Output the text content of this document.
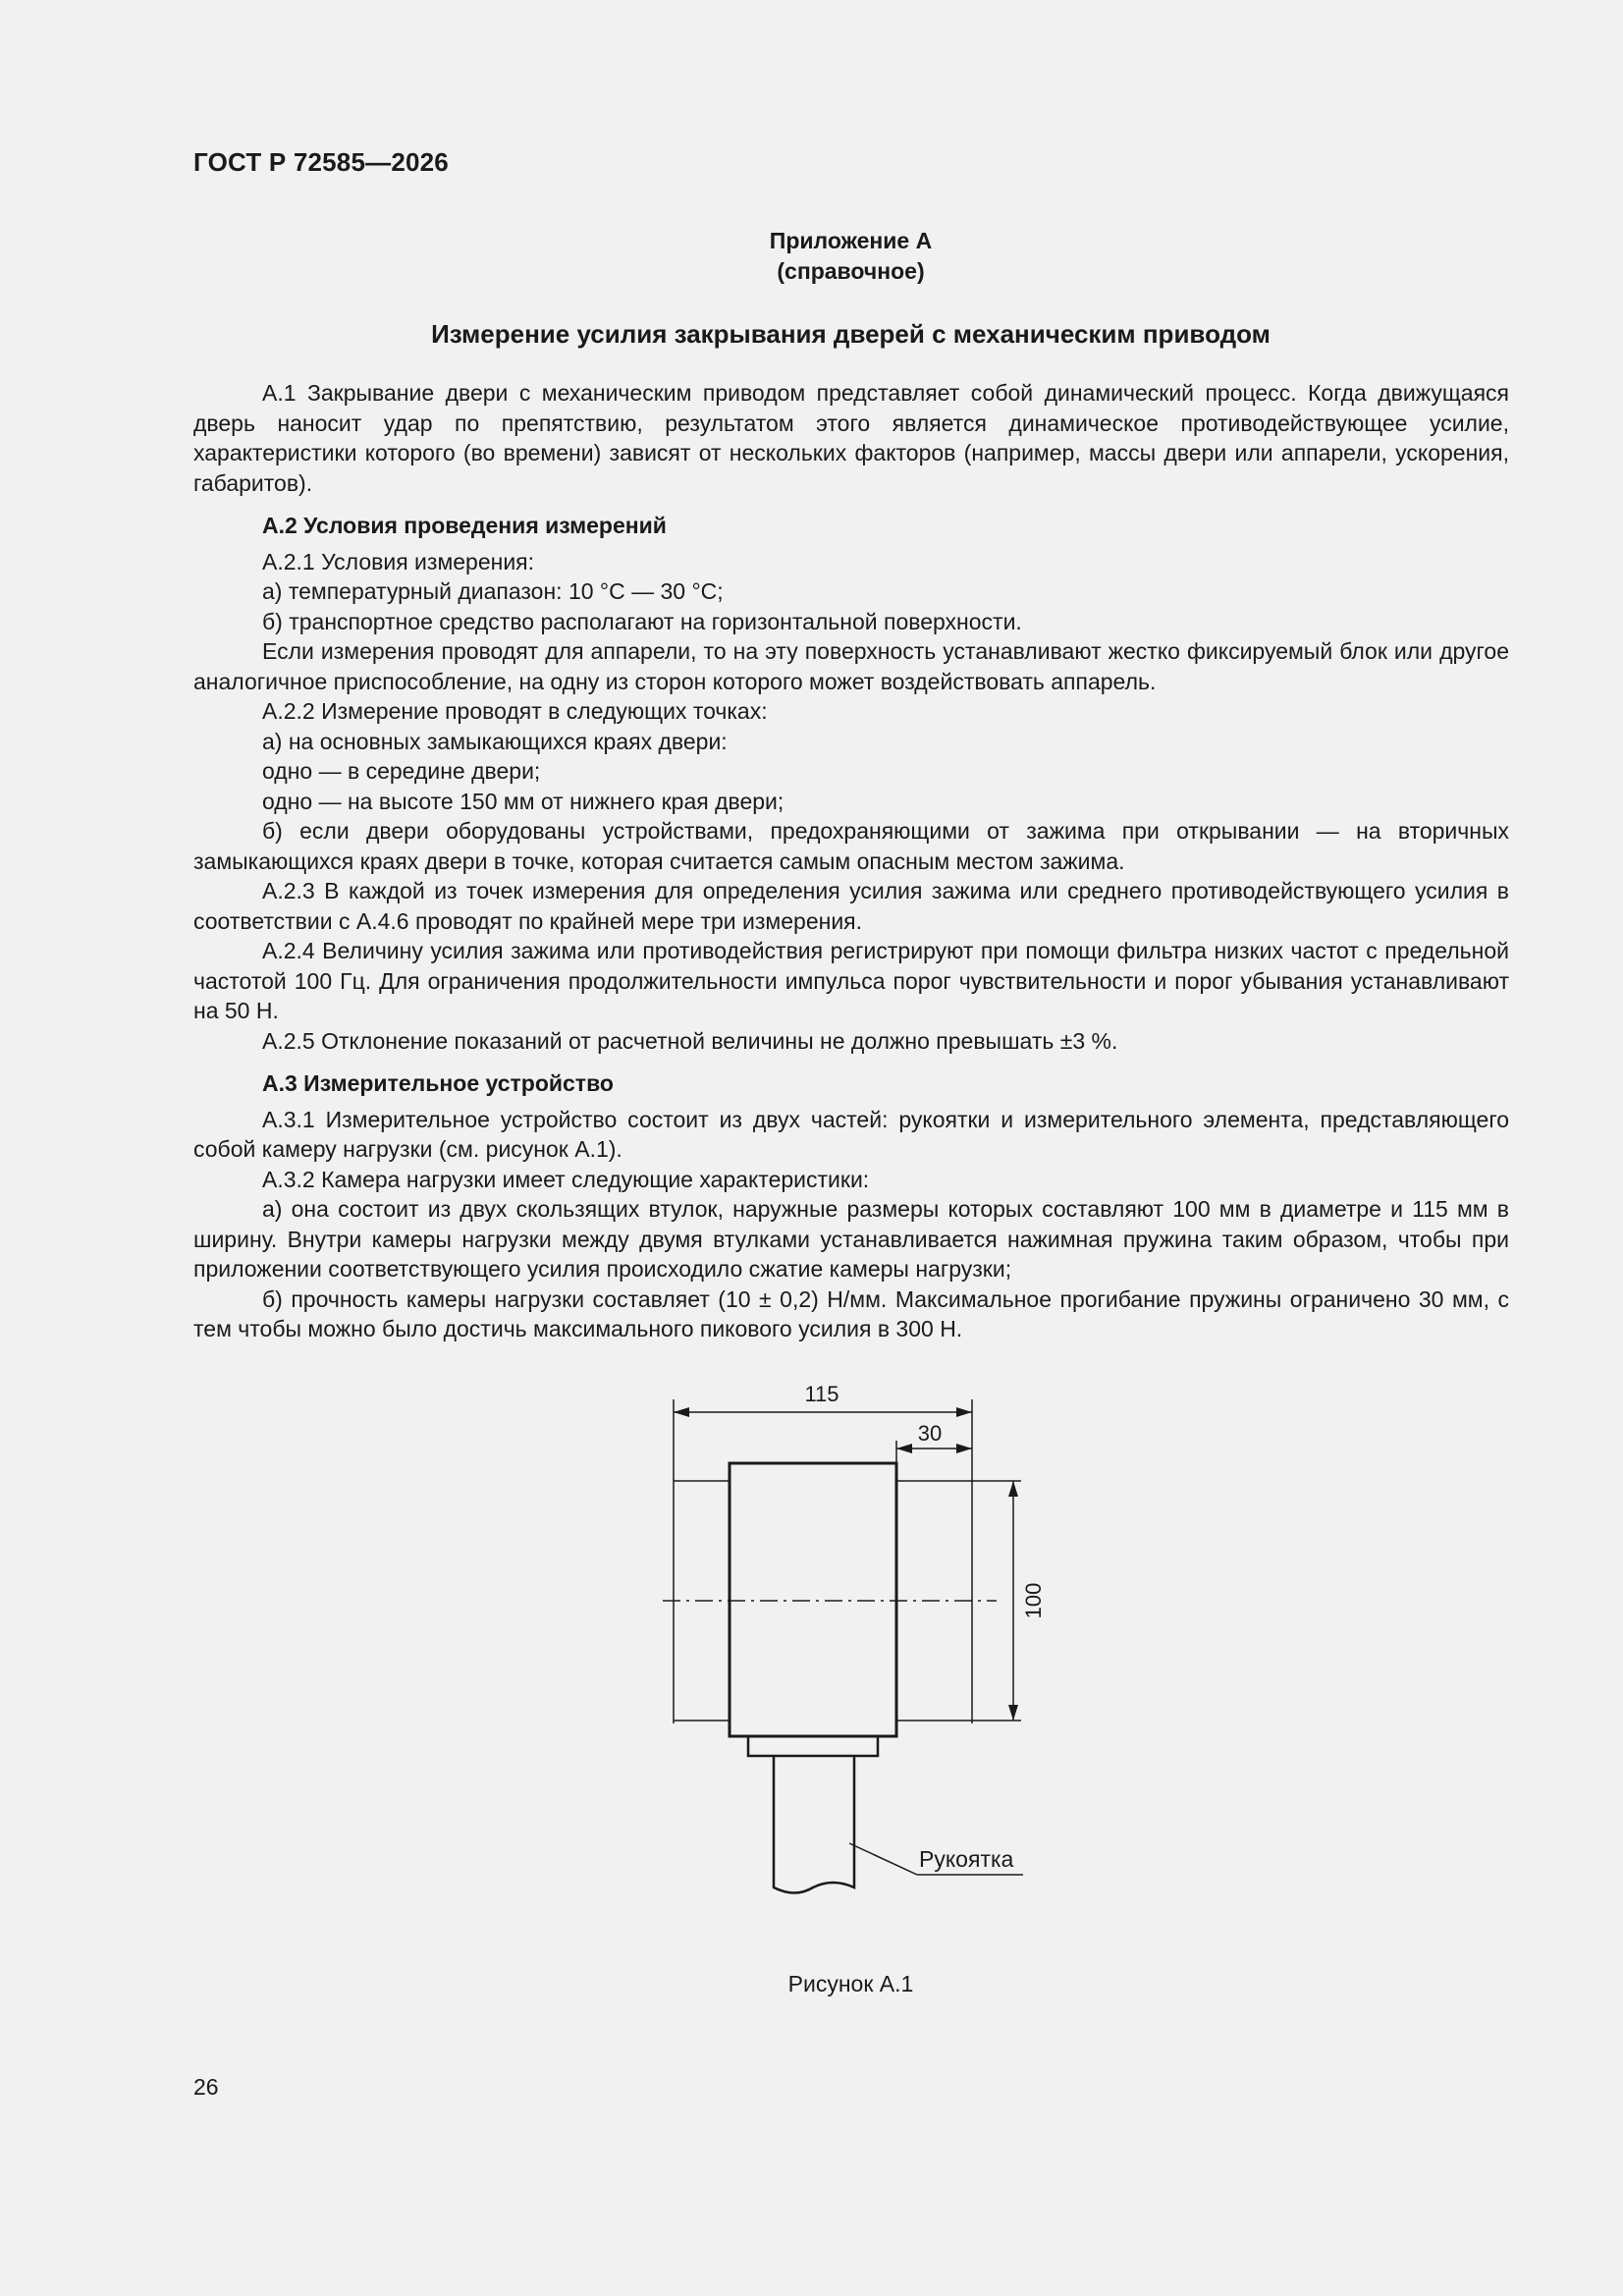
ГОСТ Р 72585—2026
Приложение А
(справочное)
Измерение усилия закрывания дверей с механическим приводом

А.1 Закрывание двери с механическим приводом представляет собой динамический процесс. Когда движущаяся дверь наносит удар по препятствию, результатом этого является динамическое противодействующее усилие, характеристики которого (во времени) зависят от нескольких факторов (например, массы двери или аппарели, ускорения, габаритов).

А.2 Условия проведения измерений

А.2.1 Условия измерения:

а) температурный диапазон: 10 °С — 30 °С;

б) транспортное средство располагают на горизонтальной поверхности.

Если измерения проводят для аппарели, то на эту поверхность устанавливают жестко фиксируемый блок или другое аналогичное приспособление, на одну из сторон которого может воздействовать аппарель.

А.2.2 Измерение проводят в следующих точках:

а) на основных замыкающихся краях двери:

одно — в середине двери;

одно — на высоте 150 мм от нижнего края двери;

б) если двери оборудованы устройствами, предохраняющими от зажима при открывании — на вторичных замыкающихся краях двери в точке, которая считается самым опасным местом зажима.

А.2.3 В каждой из точек измерения для определения усилия зажима или среднего противодействующего усилия в соответствии с А.4.6 проводят по крайней мере три измерения.

А.2.4 Величину усилия зажима или противодействия регистрируют при помощи фильтра низких частот с предельной частотой 100 Гц. Для ограничения продолжительности импульса порог чувствительности и порог убывания устанавливают на 50 Н.

А.2.5 Отклонение показаний от расчетной величины не должно превышать ±3 %.

А.3 Измерительное устройство

А.3.1 Измерительное устройство состоит из двух частей: рукоятки и измерительного элемента, представляющего собой камеру нагрузки (см. рисунок А.1).

А.3.2 Камера нагрузки имеет следующие характеристики:

а) она состоит из двух скользящих втулок, наружные размеры которых составляют 100 мм в диаметре и 115 мм в ширину. Внутри камеры нагрузки между двумя втулками устанавливается нажимная пружина таким образом, чтобы при приложении соответствующего усилия происходило сжатие камеры нагрузки;

б) прочность камеры нагрузки составляет (10 ± 0,2) Н/мм. Максимальное прогибание пружины ограничено 30 мм, с тем чтобы можно было достичь максимального пикового усилия в 300 Н.

115
30
100
Рукоятка
Рисунок А.1
26
